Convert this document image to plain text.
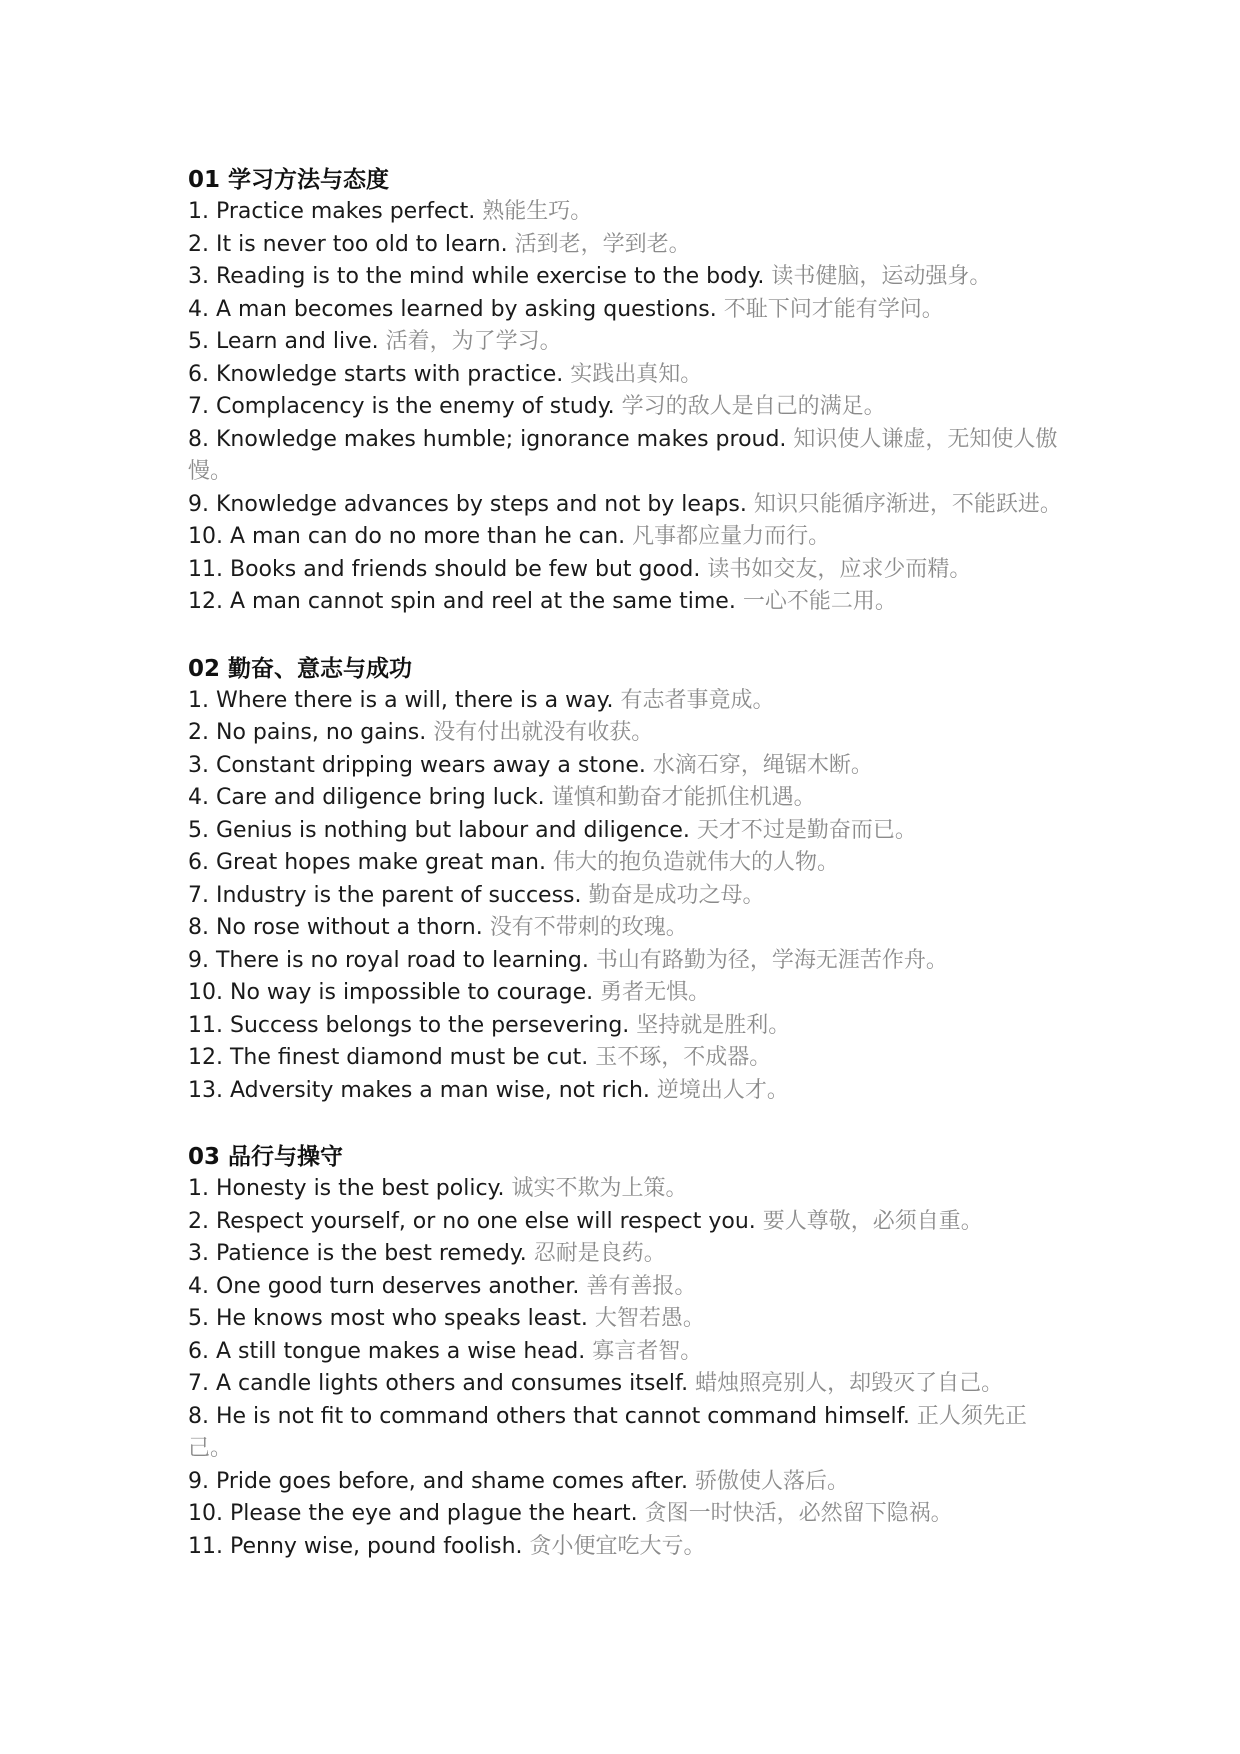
01 学习方法与态度

1. Practice makes perfect. 熟能生巧。

2. It is never too old to learn. 活到老，学到老。

3. Reading is to the mind while exercise to the body. 读书健脑，运动强身。

4. A man becomes learned by asking questions. 不耻下问才能有学问。

5. Learn and live. 活着，为了学习。

6. Knowledge starts with practice. 实践出真知。

7. Complacency is the enemy of study. 学习的敌人是自己的满足。

8. Knowledge makes humble; ignorance makes proud. 知识使人谦虚，无知使人傲慢。

9. Knowledge advances by steps and not by leaps. 知识只能循序渐进，不能跃进。

10. A man can do no more than he can. 凡事都应量力而行。

11. Books and friends should be few but good. 读书如交友，应求少而精。

12. A man cannot spin and reel at the same time. 一心不能二用。

02 勤奋、意志与成功

1. Where there is a will, there is a way. 有志者事竟成。

2. No pains, no gains. 没有付出就没有收获。

3. Constant dripping wears away a stone. 水滴石穿，绳锯木断。

4. Care and diligence bring luck. 谨慎和勤奋才能抓住机遇。

5. Genius is nothing but labour and diligence. 天才不过是勤奋而已。

6. Great hopes make great man. 伟大的抱负造就伟大的人物。

7. Industry is the parent of success. 勤奋是成功之母。

8. No rose without a thorn. 没有不带刺的玫瑰。

9. There is no royal road to learning. 书山有路勤为径，学海无涯苦作舟。

10. No way is impossible to courage. 勇者无惧。

11. Success belongs to the persevering. 坚持就是胜利。

12. The finest diamond must be cut. 玉不琢，不成器。

13. Adversity makes a man wise, not rich. 逆境出人才。

03 品行与操守

1. Honesty is the best policy. 诚实不欺为上策。

2. Respect yourself, or no one else will respect you. 要人尊敬，必须自重。

3. Patience is the best remedy. 忍耐是良药。

4. One good turn deserves another. 善有善报。

5. He knows most who speaks least. 大智若愚。

6. A still tongue makes a wise head. 寡言者智。

7. A candle lights others and consumes itself. 蜡烛照亮别人，却毁灭了自己。

8. He is not fit to command others that cannot command himself. 正人须先正己。

9. Pride goes before, and shame comes after. 骄傲使人落后。

10. Please the eye and plague the heart. 贪图一时快活，必然留下隐祸。

11. Penny wise, pound foolish. 贪小便宜吃大亏。
